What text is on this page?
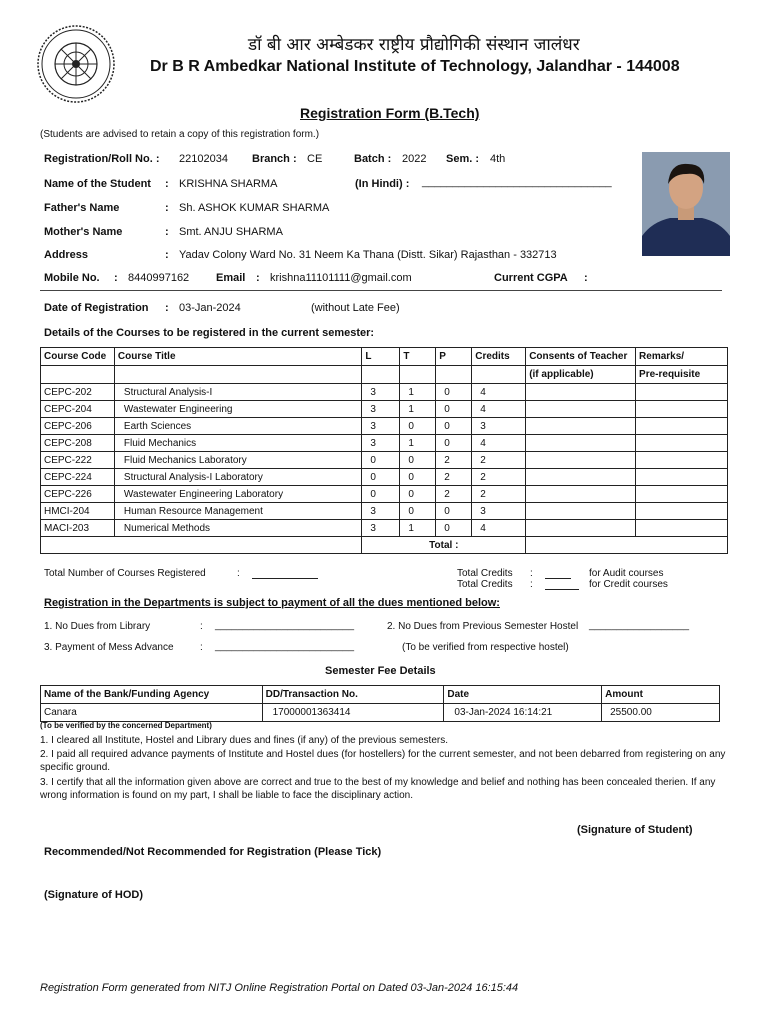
डॉ बी आर अम्बेडकर राष्ट्रीय प्रौद्योगिकी संस्थान जालंधर
Dr B R Ambedkar National Institute of Technology, Jalandhar - 144008
Registration Form (B.Tech)
(Students are advised to retain a copy of this registration form.)
Registration/Roll No. : 22102034 Branch : CE	Batch : 2022 Sem. : 4th
Name of the Student : KRISHNA SHARMA	(In Hindi) : _______________________________
Father's Name	: Sh. ASHOK KUMAR SHARMA
Mother's Name	: Smt. ANJU SHARMA
Address	: Yadav Colony Ward No. 31 Neem Ka Thana (Distt. Sikar) Rajasthan - 332713
Mobile No. : 8440997162 Email : krishna11101111@gmail.com	Current CGPA :
Date of Registration : 03-Jan-2024	(without Late Fee)
Details of the Courses to be registered in the current semester:
Course Code	Course Title	L	T	P	Credits	Consents of Teacher	Remarks/
						(if applicable)	Pre-requisite
CEPC-202	Structural Analysis-I	3	1	0	4		
CEPC-204	Wastewater Engineering	3	1	0	4		
CEPC-206	Earth Sciences	3	0	0	3		
CEPC-208	Fluid Mechanics	3	1	0	4		
CEPC-222	Fluid Mechanics Laboratory	0	0	2	2		
CEPC-224	Structural Analysis-I Laboratory	0	0	2	2		
CEPC-226	Wastewater Engineering Laboratory	0	0	2	2		
HMCI-204	Human Resource Management	3	0	0	3		
MACI-203	Numerical Methods	3	1	0	4		
		Total :					
Total Number of Courses Registered	:	Total Credits :	for Audit courses
Total Credits :	for Credit courses
Registration in the Departments is subject to payment of all the dues mentioned below:
1. No Dues from Library	: _________________________	2. No Dues from Previous Semester Hostel __________________
3. Payment of Mess Advance	: _________________________	(To be verified from respective hostel)
Semester Fee Details
Name of the Bank/Funding Agency	DD/Transaction No.	Date	Amount
Canara	17000001363414	03-Jan-2024 16:14:21	25500.00
(To be verified by the concerned Department)
1. I cleared all Institute, Hostel and Library dues and fines (if any) of the previous semesters.
2. I paid all required advance payments of Institute and Hostel dues (for hostellers) for the current semester, and not been debarred from registering on any specific ground.
3. I certify that all the information given above are correct and true to the best of my knowledge and belief and nothing has been concealed therien. If any wrong information is found on my part, I shall be liable to face the disciplinary action.
(Signature of Student)
Recommended/Not Recommended for Registration (Please Tick)
(Signature of HOD)
Registration Form generated from NITJ Online Registration Portal on Dated 03-Jan-2024 16:15:44
